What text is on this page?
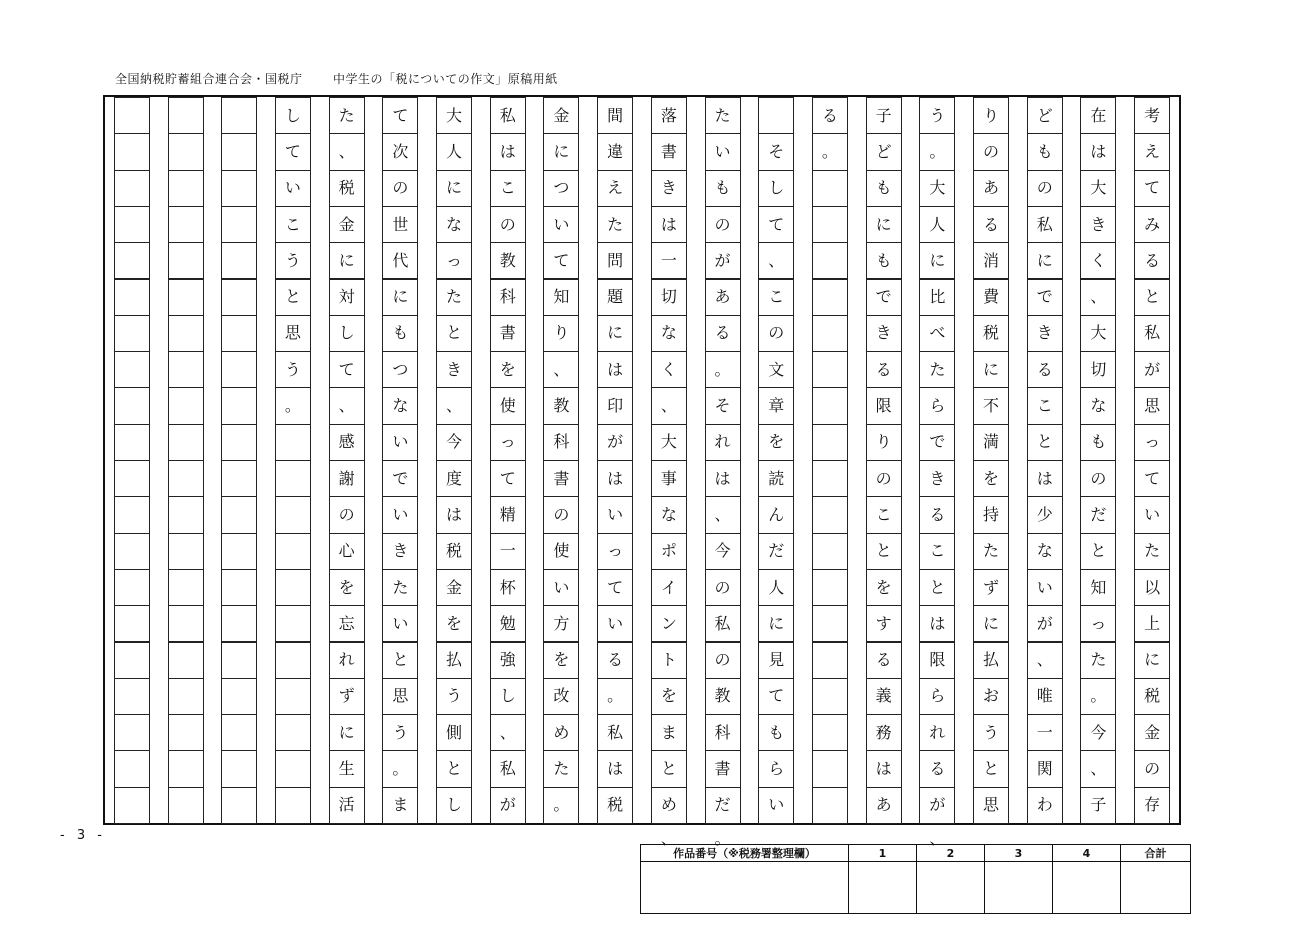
全国納税貯蓄組合連合会・国税庁	中学生の「税についての作文」原稿用紙
考
え
て
み
る
と
私
が
思
っ
て
い
た
以
上
に
税
金
の
存
在
は
大
き
く
、
大
切
な
も
の
だ
と
知
っ
た
。
今
、
子
ど
も
の
私
に
で
き
る
こ
と
は
少
な
い
が
、
唯
一
関
わ
り
の
あ
る
消
費
税
に
不
満
を
持
た
ず
に
払
お
う
と
思
う
。
大
人
に
比
べ
た
ら
で
き
る
こ
と
は
限
ら
れ
る
が
子
ど
も
に
も
で
き
る
限
り
の
こ
と
を
す
る
義
務
は
あ
る
。
そ
し
て
、
こ
の
文
章
を
読
ん
だ
人
に
見
て
も
ら
い
た
い
も
の
が
あ
る
。
そ
れ
は
、
今
の
私
の
教
科
書
だ
落
書
き
は
一
切
な
く
、
大
事
な
ポ
イ
ン
ト
を
ま
と
め
間
違
え
た
問
題
に
は
印
が
は
い
っ
て
い
る
。
私
は
税
金
に
つ
い
て
知
り
、
教
科
書
の
使
い
方
を
改
め
た
。
私
は
こ
の
教
科
書
を
使
っ
て
精
一
杯
勉
強
し
、
私
が
大
人
に
な
っ
た
と
き
、
今
度
は
税
金
を
払
う
側
と
し
て
次
の
世
代
に
も
つ
な
い
で
い
き
た
い
と
思
う
。
ま
た
、
税
金
に
対
し
て
、
感
謝
の
心
を
忘
れ
ず
に
生
活
し
て
い
こ
う
と
思
う
。
- 3 -	、 。	、
作品番号（※税務署整理欄）	1	2	3	4	合計
